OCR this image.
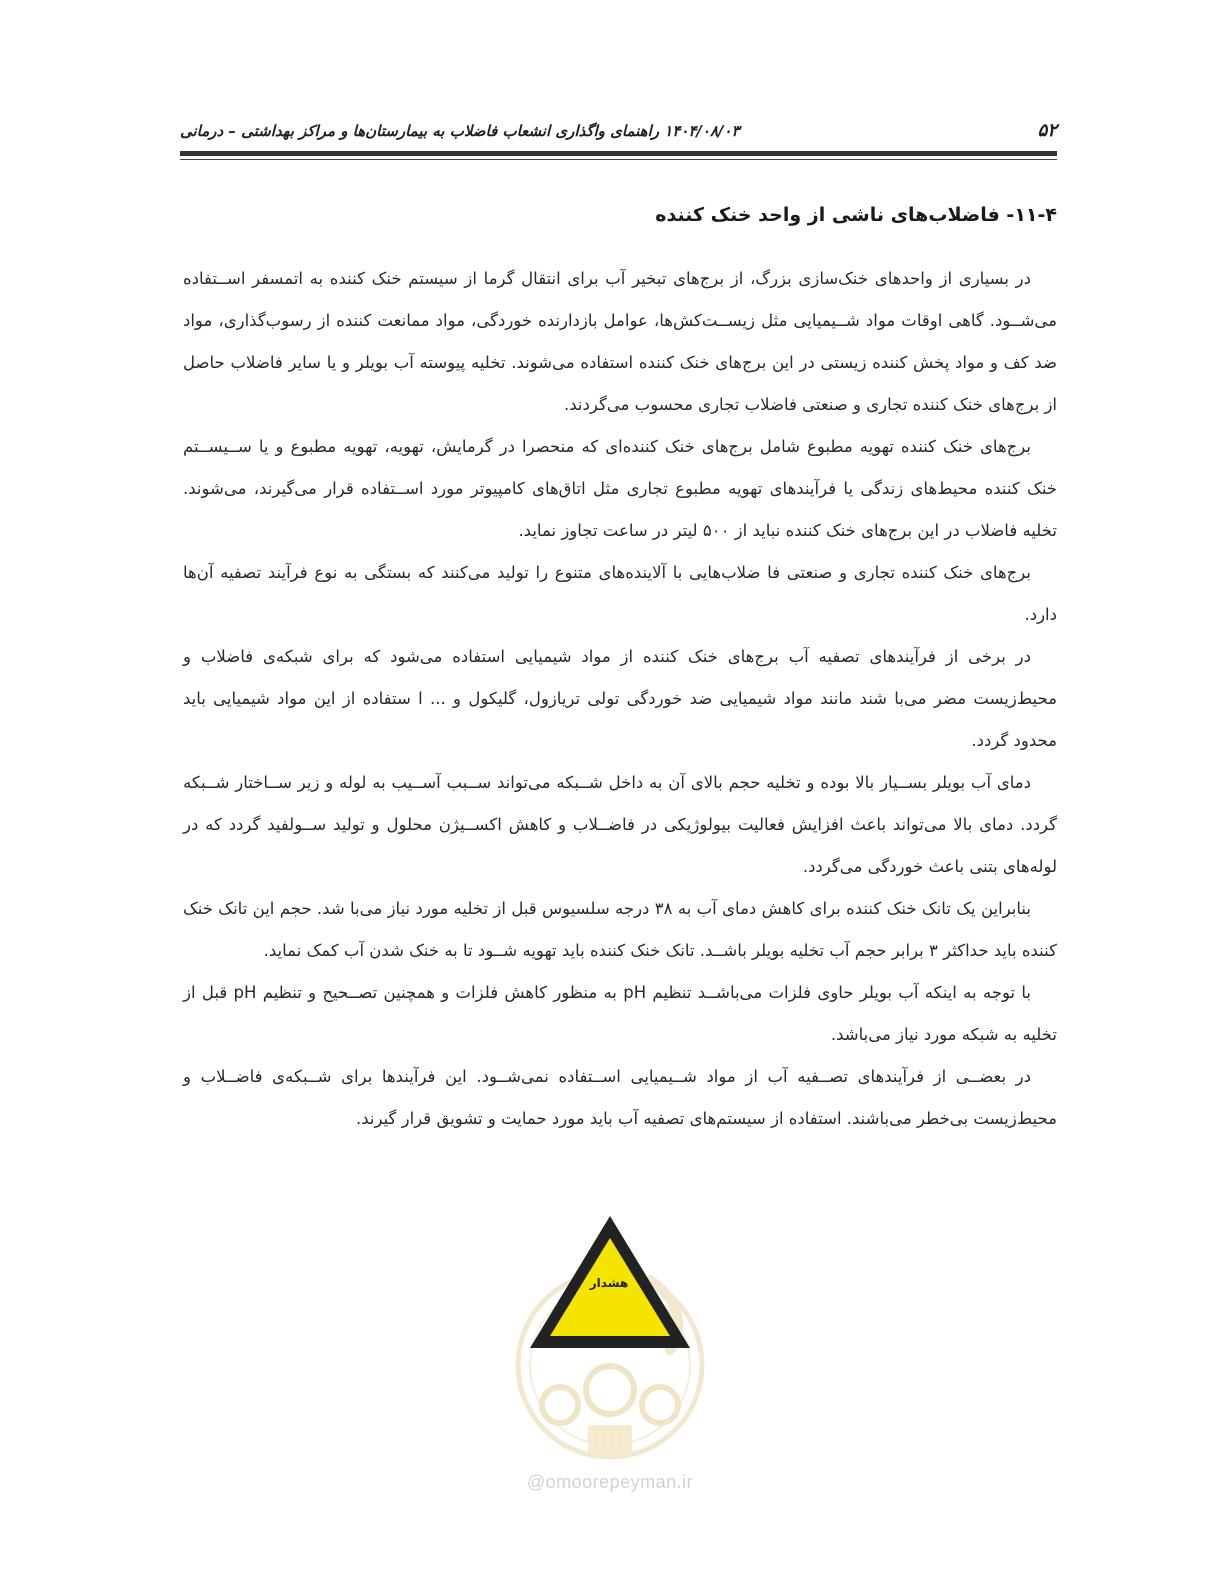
۵۲
۱۴۰۴/۰۸/۰۳ راهنمای واگذاری انشعاب فاضلاب به بیمارستان‌ها و مراکز بهداشتی – درمانی
۱۱-۴- فاضلاب‌های ناشی از واحد خنک کننده

در بسیاری از واحدهای خنک‌سازی بزرگ، از برج‌های تبخیر آب برای انتقال گرما از سیستم خنک کننده به اتمسفر اســتفاده می‌شــود. گاهی اوقات مواد شــیمیایی مثل زیســت‌کش‌ها، عوامل بازدارنده خوردگی، مواد ممانعت کننده از رسوب‌گذاری، مواد ضد کف و مواد پخش کننده زیستی در این برج‌های خنک کننده استفاده می‌شوند. تخلیه پیوسته آب بویلر و یا سایر فاضلاب حاصل از برج‌های خنک کننده تجاری و صنعتی فاضلاب تجاری محسوب می‌گردند.

برج‌های خنک کننده تهویه مطبوع شامل برج‌های خنک کننده‌ای که منحصرا در گرمایش، تهویه، تهویه مطبوع و یا ســیســتم خنک کننده محیط‌های زندگی یا فرآیندهای تهویه مطبوع تجاری مثل اتاق‌های کامپیوتر مورد اســتفاده قرار می‌گیرند، می‌شوند. تخلیه فاضلاب در این برج‌های خنک کننده نباید از ۵۰۰ لیتر در ساعت تجاوز نماید.

برج‌های خنک کننده تجاری و صنعتی فا ضلاب‌هایی با آلاینده‌های متنوع را تولید می‌کنند که بستگی به نوع فرآیند تصفیه آن‌ها دارد.

در برخی از فرآیندهای تصفیه آب برج‌های خنک کننده از مواد شیمیایی استفاده می‌شود که برای شبکه‌ی فاضلاب و محیط‌زیست مضر می‌با شند مانند مواد شیمیایی ضد خوردگی تولی تریازول، گلیکول و ... ا ستفاده از این مواد شیمیایی باید محدود گردد.

دمای آب بویلر بســیار بالا بوده و تخلیه حجم بالای آن به داخل شــبکه می‌تواند ســبب آســیب به لوله و زیر ســاختار شــبکه گردد. دمای بالا می‌تواند باعث افزایش فعالیت بیولوژیکی در فاضــلاب و کاهش اکســیژن محلول و تولید ســولفید گردد که در لوله‌های بتنی باعث خوردگی می‌گردد.

بنابراین یک تانک خنک کننده برای کاهش دمای آب به ۳۸ درجه سلسیوس قبل از تخلیه مورد نیاز می‌با شد. حجم این تانک خنک کننده باید حداکثر ۳ برابر حجم آب تخلیه بویلر باشــد. تانک خنک کننده باید تهویه شــود تا به خنک شدن آب کمک نماید.

با توجه به اینکه آب بویلر حاوی فلزات می‌باشــد تنظیم pH به منظور کاهش فلزات و همچنین تصــحیح و تنظیم pH قبل از تخلیه به شبکه مورد نیاز می‌باشد.

در بعضــی از فرآیندهای تصــفیه آب از مواد شــیمیایی اســتفاده نمی‌شــود. این فرآیندها برای شــبکه‌ی فاضــلاب و محیط‌زیست بی‌خطر می‌باشند. استفاده از سیستم‌های تصفیه آب باید مورد حمایت و تشویق قرار گیرند.

هشدار
@omoorepeyman.ir
